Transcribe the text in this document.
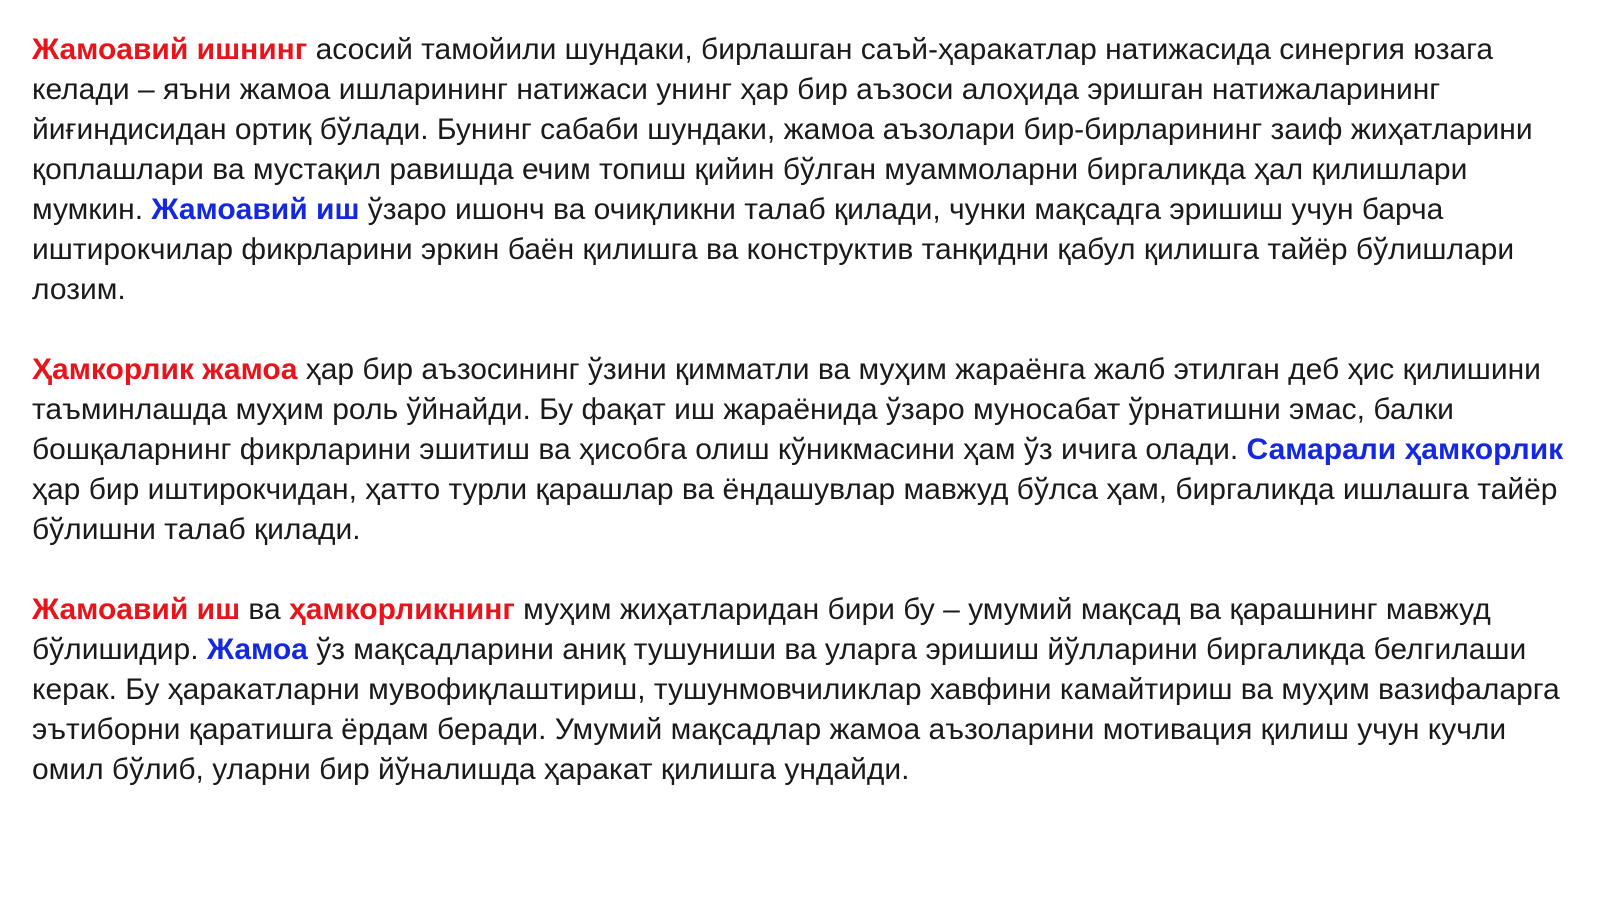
Жамоавий ишнинг асосий тамойили шундаки, бирлашган саъй-ҳаракатлар натижасида синергия юзага келади – яъни жамоа ишларининг натижаси унинг ҳар бир аъзоси алоҳида эришган натижаларининг йиғиндисидан ортиқ бўлади. Бунинг сабаби шундаки, жамоа аъзолари бир-бирларининг заиф жиҳатларини қоплашлари ва мустақил равишда ечим топиш қийин бўлган муаммоларни биргаликда ҳал қилишлари мумкин. Жамоавий иш ўзаро ишонч ва очиқликни талаб қилади, чунки мақсадга эришиш учун барча иштирокчилар фикрларини эркин баён қилишга ва конструктив танқидни қабул қилишга тайёр бўлишлари лозим.

Ҳамкорлик жамоа ҳар бир аъзосининг ўзини қимматли ва муҳим жараёнга жалб этилган деб ҳис қилишини таъминлашда муҳим роль ўйнайди. Бу фақат иш жараёнида ўзаро муносабат ўрнатишни эмас, балки бошқаларнинг фикрларини эшитиш ва ҳисобга олиш кўникмасини ҳам ўз ичига олади. Самарали ҳамкорлик ҳар бир иштирокчидан, ҳатто турли қарашлар ва ёндашувлар мавжуд бўлса ҳам, биргаликда ишлашга тайёр бўлишни талаб қилади.

Жамоавий иш ва ҳамкорликнинг муҳим жиҳатларидан бири бу – умумий мақсад ва қарашнинг мавжуд бўлишидир. Жамоа ўз мақсадларини аниқ тушуниши ва уларга эришиш йўлларини биргаликда белгилаши керак. Бу ҳаракатларни мувофиқлаштириш, тушунмовчиликлар хавфини камайтириш ва муҳим вазифаларга эътиборни қаратишга ёрдам беради. Умумий мақсадлар жамоа аъзоларини мотивация қилиш учун кучли омил бўлиб, уларни бир йўналишда ҳаракат қилишга ундайди.
